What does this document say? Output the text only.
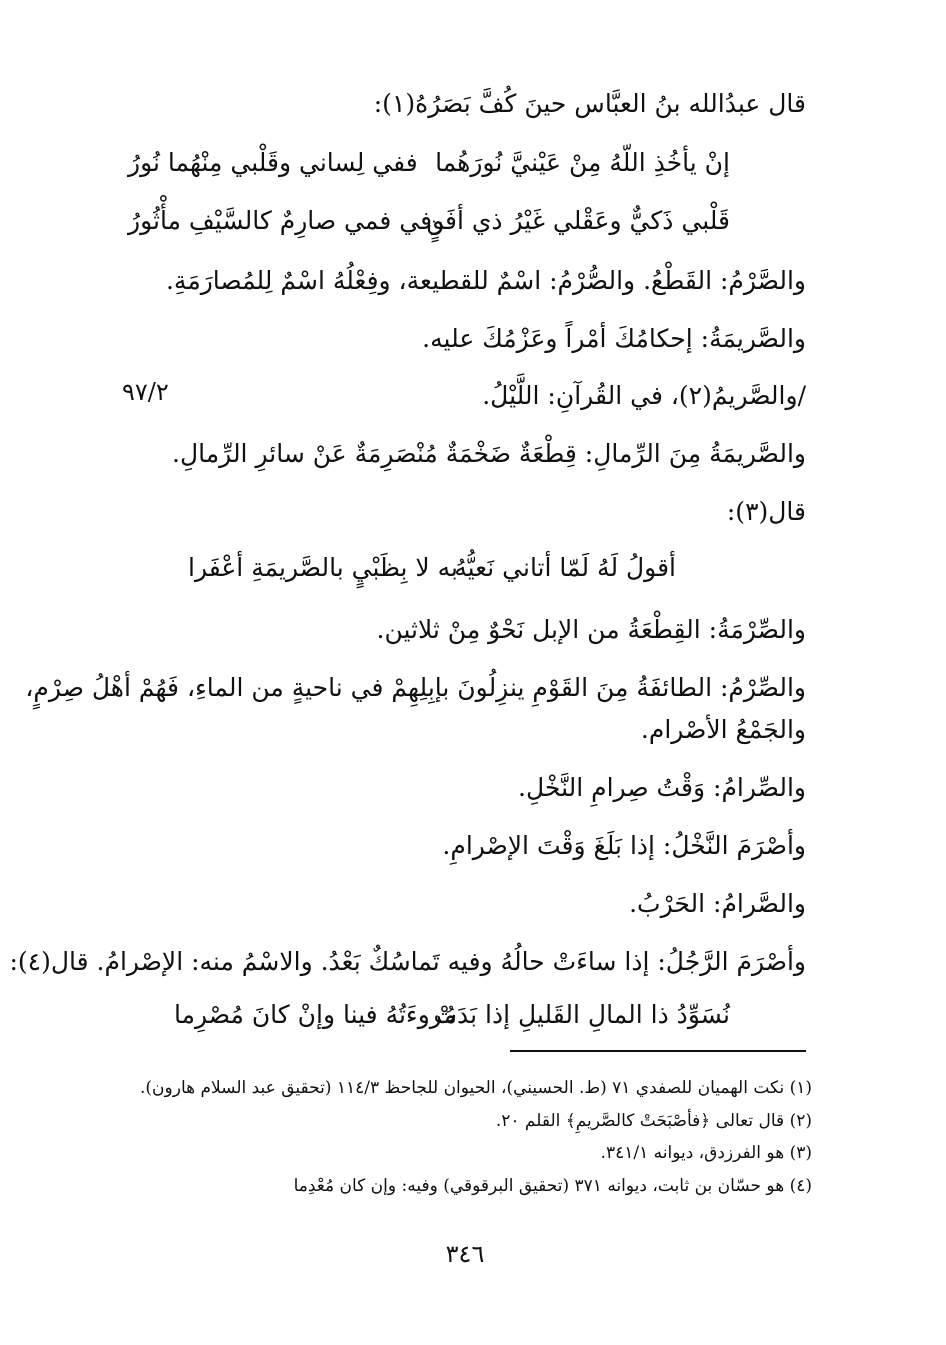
قال عبدُالله بنُ العبَّاس حينَ كُفَّ بَصَرُهُ(١):
إنْ يأخُذِ اللّهُ مِنْ عَيْنيَّ نُورَهُما
ففي لِساني وقَلْبي مِنْهُما نُورُ
قَلْبي ذَكيٌّ وعَقْلي غَيْرُ ذي أفَنٍ
وفي فمي صارِمٌ كالسَّيْفِ مأْثُورُ
والصَّرْمُ: القَطْعُ. والصُّرْمُ: اسْمٌ للقطيعة، وفِعْلُهُ اسْمٌ لِلمُصارَمَةِ.
والصَّريمَةُ: إحكامُكَ أمْراً وعَزْمُكَ عليه.
٩٧/٢	/والصَّريمُ(٢)، في القُرآنِ: اللَّيْلُ.
والصَّريمَةُ مِنَ الرِّمالِ: قِطْعَةٌ ضَخْمَةٌ مُنْصَرِمَةٌ عَنْ سائرِ الرِّمالِ.
قال(٣):
أقولُ لَهُ لَمّا أتاني نَعيُّهُ
به لا بِظَبْيٍ بالصَّريمَةِ أعْفَرا
والصِّرْمَةُ: القِطْعَةُ من الإبل نَحْوٌ مِنْ ثلاثين.
والصِّرْمُ: الطائفَةُ مِنَ القَوْمِ ينزِلُونَ بإبِلِهِمْ في ناحيةٍ من الماءِ، فَهُمْ أهْلُ صِرْمٍ،
والجَمْعُ الأصْرام.
والصِّرامُ: وَقْتُ صِرامِ النَّخْلِ.
وأصْرَمَ النَّخْلُ: إذا بَلَغَ وَقْتَ الإصْرامِ.
والصَّرامُ: الحَرْبُ.
وأصْرَمَ الرَّجُلُ: إذا ساءَتْ حالُهُ وفيه تَماسُكٌ بَعْدُ. والاسْمُ منه: الإصْرامُ. قال(٤):
نُسَوِّدُ ذا المالِ القَليلِ إذا بَدَتْ
مُروءَتُهُ فينا وإنْ كانَ مُصْرِما
(١) نكت الهميان للصفدي ٧١ (ط. الحسيني)، الحيوان للجاحظ ١١٤/٣ (تحقيق عبد السلام هارون).
(٢) قال تعالى ﴿فأصْبَحَتْ كالصَّريمِ﴾ القلم ٢٠.
(٣) هو الفرزدق، ديوانه ٣٤١/١.
(٤) هو حسّان بن ثابت، ديوانه ٣٧١ (تحقيق البرقوقي) وفيه: وإن كان مُعْدِما
٣٤٦
